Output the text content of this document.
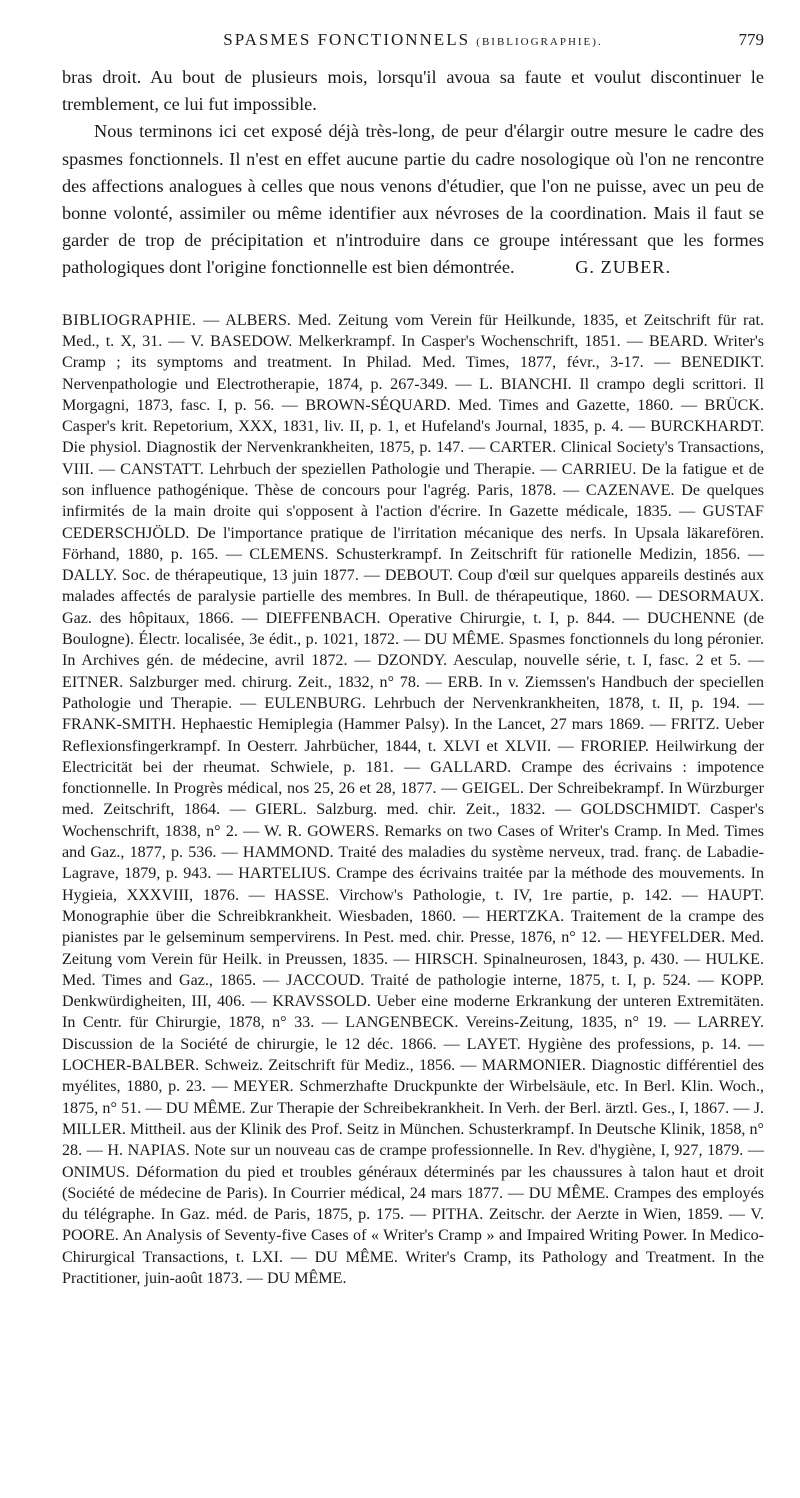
SPASMES FONCTIONNELS (BIBLIOGRAPHIE).	779

bras droit. Au bout de plusieurs mois, lorsqu'il avoua sa faute et voulut discontinuer le tremblement, ce lui fut impossible.

Nous terminons ici cet exposé déjà très-long, de peur d'élargir outre mesure le cadre des spasmes fonctionnels. Il n'est en effet aucune partie du cadre nosologique où l'on ne rencontre des affections analogues à celles que nous venons d'étudier, que l'on ne puisse, avec un peu de bonne volonté, assimiler ou même identifier aux névroses de la coordination. Mais il faut se garder de trop de précipitation et n'introduire dans ce groupe intéressant que les formes pathologiques dont l'origine fonctionnelle est bien démontrée.	G. ZUBER.

BIBLIOGRAPHIE. — ALBERS. Med. Zeitung vom Verein für Heilkunde, 1835, et Zeitschrift für rat. Med., t. X, 31. — V. BASEDOW. Melkerkrampf. In Casper's Wochenschrift, 1851. — BEARD. Writer's Cramp ; its symptoms and treatment. In Philad. Med. Times, 1877, févr., 3-17. — BENEDIKT. Nervenpathologie und Electrotherapie, 1874, p. 267-349. — L. BIANCHI. Il crampo degli scrittori. Il Morgagni, 1873, fasc. I, p. 56. — BROWN-SÉQUARD. Med. Times and Gazette, 1860. — BRÜCK. Casper's krit. Repetorium, XXX, 1831, liv. II, p. 1, et Hufeland's Journal, 1835, p. 4. — BURCKHARDT. Die physiol. Diagnostik der Nervenkrankheiten, 1875, p. 147. — CARTER. Clinical Society's Transactions, VIII. — CANSTATT. Lehrbuch der speziellen Pathologie und Therapie. — CARRIEU. De la fatigue et de son influence pathogénique. Thèse de concours pour l'agrég. Paris, 1878. — CAZENAVE. De quelques infirmités de la main droite qui s'opposent à l'action d'écrire. In Gazette médicale, 1835. — GUSTAF CEDERSCHJÖLD. De l'importance pratique de l'irritation mécanique des nerfs. In Upsala läkarefören. Förhand, 1880, p. 165. — CLEMENS. Schusterkrampf. In Zeitschrift für rationelle Medizin, 1856. — DALLY. Soc. de thérapeutique, 13 juin 1877. — DEBOUT. Coup d'œil sur quelques appareils destinés aux malades affectés de paralysie partielle des membres. In Bull. de thérapeutique, 1860. — DESORMAUX. Gaz. des hôpitaux, 1866. — DIEFFENBACH. Operative Chirurgie, t. I, p. 844. — DUCHENNE (de Boulogne). Électr. localisée, 3e édit., p. 1021, 1872. — DU MÊME. Spasmes fonctionnels du long péronier. In Archives gén. de médecine, avril 1872. — DZONDY. Aesculap, nouvelle série, t. I, fasc. 2 et 5. — EITNER. Salzburger med. chirurg. Zeit., 1832, n° 78. — ERB. In v. Ziemssen's Handbuch der speciellen Pathologie und Therapie. — EULENBURG. Lehrbuch der Nervenkrankheiten, 1878, t. II, p. 194. — FRANK-SMITH. Hephaestic Hemiplegia (Hammer Palsy). In the Lancet, 27 mars 1869. — FRITZ. Ueber Reflexionsfingerkrampf. In Oesterr. Jahrbücher, 1844, t. XLVI et XLVII. — FRORIEP. Heilwirkung der Electricität bei der rheumat. Schwiele, p. 181. — GALLARD. Crampe des écrivains : impotence fonctionnelle. In Progrès médical, nos 25, 26 et 28, 1877. — GEIGEL. Der Schreibekrampf. In Würzburger med. Zeitschrift, 1864. — GIERL. Salzburg. med. chir. Zeit., 1832. — GOLDSCHMIDT. Casper's Wochenschrift, 1838, n° 2. — W. R. GOWERS. Remarks on two Cases of Writer's Cramp. In Med. Times and Gaz., 1877, p. 536. — HAMMOND. Traité des maladies du système nerveux, trad. franç. de Labadie-Lagrave, 1879, p. 943. — HARTELIUS. Crampe des écrivains traitée par la méthode des mouvements. In Hygieia, XXXVIII, 1876. — HASSE. Virchow's Pathologie, t. IV, 1re partie, p. 142. — HAUPT. Monographie über die Schreibkrankheit. Wiesbaden, 1860. — HERTZKA. Traitement de la crampe des pianistes par le gelseminum sempervirens. In Pest. med. chir. Presse, 1876, n° 12. — HEYFELDER. Med. Zeitung vom Verein für Heilk. in Preussen, 1835. — HIRSCH. Spinalneurosen, 1843, p. 430. — HULKE. Med. Times and Gaz., 1865. — JACCOUD. Traité de pathologie interne, 1875, t. I, p. 524. — KOPP. Denkwürdigheiten, III, 406. — KRAVSSOLD. Ueber eine moderne Erkrankung der unteren Extremitäten. In Centr. für Chirurgie, 1878, n° 33. — LANGENBECK. Vereins-Zeitung, 1835, n° 19. — LARREY. Discussion de la Société de chirurgie, le 12 déc. 1866. — LAYET. Hygiène des professions, p. 14. — LOCHER-BALBER. Schweiz. Zeitschrift für Mediz., 1856. — MARMONIER. Diagnostic différentiel des myélites, 1880, p. 23. — MEYER. Schmerzhafte Druckpunkte der Wirbelsäule, etc. In Berl. Klin. Woch., 1875, n° 51. — DU MÊME. Zur Therapie der Schreibekrankheit. In Verh. der Berl. ärztl. Ges., I, 1867. — J. MILLER. Mittheil. aus der Klinik des Prof. Seitz in München. Schusterkrampf. In Deutsche Klinik, 1858, n° 28. — H. NAPIAS. Note sur un nouveau cas de crampe professionnelle. In Rev. d'hygiène, I, 927, 1879. — ONIMUS. Déformation du pied et troubles généraux déterminés par les chaussures à talon haut et droit (Société de médecine de Paris). In Courrier médical, 24 mars 1877. — DU MÊME. Crampes des employés du télégraphe. In Gaz. méd. de Paris, 1875, p. 175. — PITHA. Zeitschr. der Aerzte in Wien, 1859. — V. POORE. An Analysis of Seventy-five Cases of « Writer's Cramp » and Impaired Writing Power. In Medico-Chirurgical Transactions, t. LXI. — DU MÊME. Writer's Cramp, its Pathology and Treatment. In the Practitioner, juin-août 1873. — DU MÊME.
